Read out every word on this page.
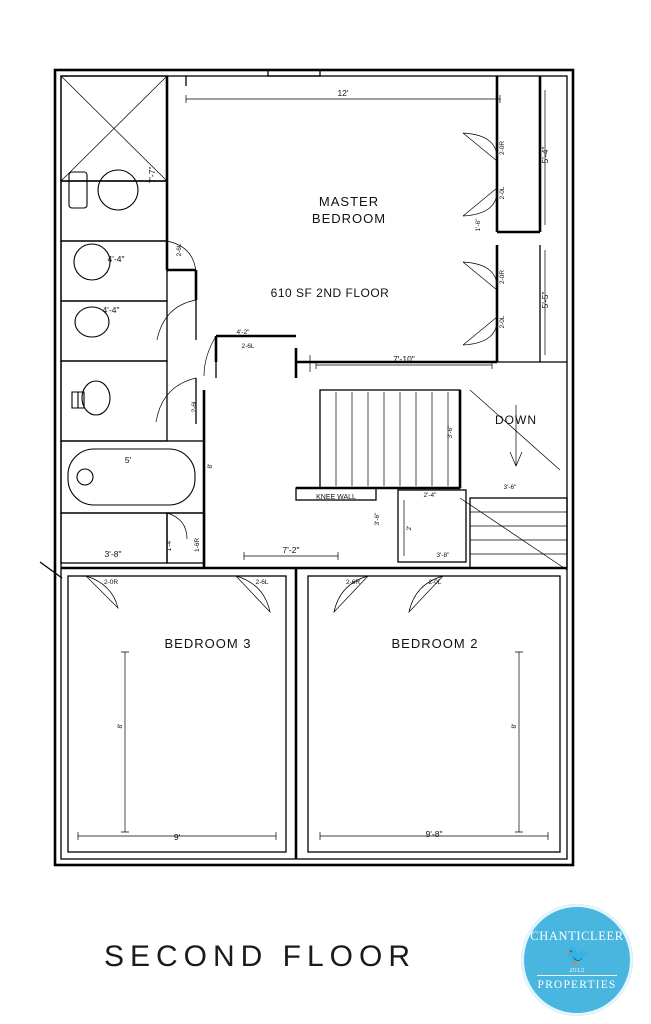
MASTER
BEDROOM
610 SF 2ND FLOOR
BEDROOM 3	BEDROOM 2
DOWN
KNEE WALL
12'
7'-10"
7'-2"
9'	9'-8"
5'
4'-4"
4'-4"
7'-7"
5'-4"
5'-5"
1'-6"
3'-8"
1'-4"
3'-6"
3'-6"
3'-6"
2'-4"
2'
3'-8"
4'-2"
8'
8'	8'
2-6L
2-6L
2-6L
2-0R
2-0L
2-0R
2-0L
1-6R
2-0R	2-6L	2-6R	2-0L
SECOND FLOOR
CHANTICLEER
🐦
2012
PROPERTIES
